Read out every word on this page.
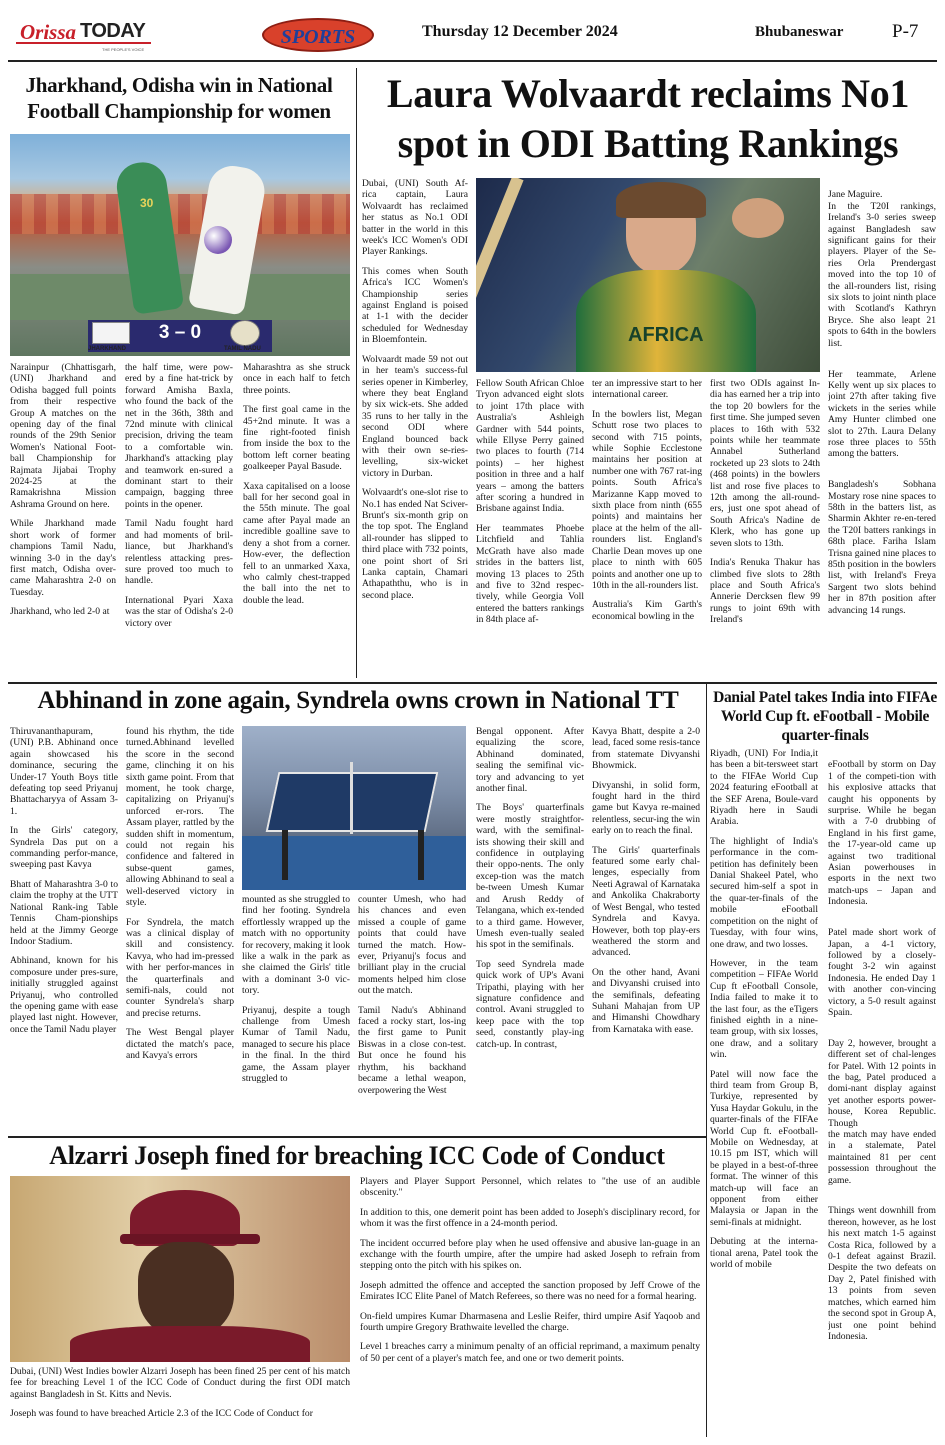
Orissa TODAY
THE PEOPLE'S VOICE
SPORTS	Thursday 12 December 2024	Bhubaneswar	P-7
Jharkhand, Odisha win in National Football Championship for women
30
3 – 0
JHARKHAND	TAMIL NADU

Narainpur (Chhattisgarh, (UNI) Jharkhand and Odisha bagged full points from their respective Group A matches on the opening day of the final rounds of the 29th Senior Women's National Foot-ball Championship for Rajmata Jijabai Trophy 2024-25 at the Ramakrishna Mission Ashrama Ground on here.

While Jharkhand made short work of former champions Tamil Nadu, winning 3-0 in the day's first match, Odisha over-came Maharashtra 2-0 on Tuesday.

Jharkhand, who led 2-0 at

the half time, were pow-ered by a fine hat-trick by forward Amisha Baxla, who found the back of the net in the 36th, 38th and 72nd minute with clinical precision, driving the team to a comfortable win. Jharkhand's attacking play and teamwork en-sured a dominant start to their campaign, bagging three points in the opener.

Tamil Nadu fought hard and had moments of bril-liance, but Jharkhand's relentless attacking pres-sure proved too much to handle.

International Pyari Xaxa was the star of Odisha's 2-0 victory over

Maharashtra as she struck once in each half to fetch three points.

The first goal came in the 45+2nd minute. It was a fine right-footed finish from inside the box to the bottom left corner beating goalkeeper Payal Basude.

Xaxa capitalised on a loose ball for her second goal in the 55th minute. The goal came after Payal made an incredible goalline save to deny a shot from a corner. How-ever, the deflection fell to an unmarked Xaxa, who calmly chest-trapped the ball into the net to double the lead.

Laura Wolvaardt reclaims No1
spot in ODI Batting Rankings

Dubai, (UNI) South Af-rica captain, Laura Wolvaardt has reclaimed her status as No.1 ODI batter in the world in this week's ICC Women's ODI Player Rankings.

This comes when South Africa's ICC Women's Championship series against England is poised at 1-1 with the decider scheduled for Wednesday in Bloemfontein.

Wolvaardt made 59 not out in her team's success-ful series opener in Kimberley, where they beat England by six wick-ets. She added 35 runs to her tally in the second ODI where England bounced back with their own se-ries-levelling, six-wicket victory in Durban.

Wolvaardt's one-slot rise to No.1 has ended Nat Sciver-Brunt's six-month grip on the top spot. The England all-rounder has slipped to third place with 732 points, one point short of Sri Lanka captain, Chamari Athapaththu, who is in second place.

AFRICA

Fellow South African Chloe Tryon advanced eight slots to joint 17th place with Australia's Ashleigh Gardner with 544 points, while Ellyse Perry gained two places to fourth (714 points) – her highest position in three and a half years – among the batters after scoring a hundred in Brisbane against India.

Her teammates Phoebe Litchfield and Tahlia McGrath have also made strides in the batters list, moving 13 places to 25th and five to 32nd respec-tively, while Georgia Voll entered the batters rankings in 84th place af-

ter an impressive start to her international career.

In the bowlers list, Megan Schutt rose two places to second with 715 points, while Sophie Ecclestone maintains her position at number one with 767 rat-ing points. South Africa's Marizanne Kapp moved to sixth place from ninth (655 points) and maintains her place at the helm of the all-rounders list. England's Charlie Dean moves up one place to ninth with 605 points and another one up to 10th in the all-rounders list.

Australia's Kim Garth's economical bowling in the

first two ODIs against In-dia has earned her a trip into the top 20 bowlers for the first time. She jumped seven places to 16th with 532 points while her teammate Annabel Sutherland rocketed up 23 slots to 24th (468 points) in the bowlers list and rose five places to 12th among the all-round-ers, just one spot ahead of South Africa's Nadine de Klerk, who has gone up seven slots to 13th.

India's Renuka Thakur has climbed five slots to 28th place and South Africa's Annerie Dercksen flew 99 rungs to joint 69th with Ireland's

Jane Maguire.
In the T20I rankings, Ireland's 3-0 series sweep against Bangladesh saw significant gains for their players. Player of the Se-ries Orla Prendergast moved into the top 10 of the all-rounders list, rising six slots to joint ninth place with Scotland's Kathryn Bryce. She also leapt 21 spots to 64th in the bowlers list.

Her teammate, Arlene Kelly went up six places to joint 27th after taking five wickets in the series while Amy Hunter climbed one slot to 27th. Laura Delany rose three places to 55th among the batters.

Bangladesh's Sobhana Mostary rose nine spaces to 58th in the batters list, as Sharmin Akhter re-en-tered the T20I batters rankings in 68th place. Fariha Islam Trisna gained nine places to 85th position in the bowlers list, with Ireland's Freya Sargent two slots behind her in 87th position after advancing 14 rungs.

Abhinand in zone again, Syndrela owns crown in National TT

Thiruvananthapuram, (UNI) P.B. Abhinand once again showcased his dominance, securing the Under-17 Youth Boys title defeating top seed Priyanuj Bhattacharyya of Assam 3-1.

In the Girls' category, Syndrela Das put on a commanding perfor-mance, sweeping past Kavya

Bhatt of Maharashtra 3-0 to claim the trophy at the UTT National Rank-ing Table Tennis Cham-pionships held at the Jimmy George Indoor Stadium.

Abhinand, known for his composure under pres-sure, initially struggled against Priyanuj, who controlled the opening game with ease played last night. However, once the Tamil Nadu player

found his rhythm, the tide turned.Abhinand levelled the score in the second game, clinching it on his sixth game point. From that moment, he took charge, capitalizing on Priyanuj's unforced er-rors. The Assam player, rattled by the sudden shift in momentum, could not regain his confidence and faltered in subse-quent games, allowing Abhinand to seal a well-deserved victory in style.

For Syndrela, the match was a clinical display of skill and consistency. Kavya, who had im-pressed with her perfor-mances in the quarterfinals and semifi-nals, could not counter Syndrela's sharp and precise returns.

The West Bengal player dictated the match's pace, and Kavya's errors

mounted as she struggled to find her footing. Syndrela effortlessly wrapped up the match with no opportunity for recovery, making it look like a walk in the park as she claimed the Girls' title with a dominant 3-0 vic-tory.

Priyanuj, despite a tough challenge from Umesh Kumar of Tamil Nadu, managed to secure his place in the final. In the third game, the Assam player struggled to

counter Umesh, who had his chances and even missed a couple of game points that could have turned the match. How-ever, Priyanuj's focus and brilliant play in the crucial moments helped him close out the match.

Tamil Nadu's Abhinand faced a rocky start, los-ing the first game to Punit Biswas in a close con-test. But once he found his rhythm, his backhand became a lethal weapon, overpowering the West

Bengal opponent. After equalizing the score, Abhinand dominated, sealing the semifinal vic-tory and advancing to yet another final.

The Boys' quarterfinals were mostly straightfor-ward, with the semifinal-ists showing their skill and confidence in outplaying their oppo-nents. The only excep-tion was the match be-tween Umesh Kumar and Arush Reddy of Telangana, which ex-tended to a third game. However, Umesh even-tually sealed his spot in the semifinals.

Top seed Syndrela made quick work of UP's Avani Tripathi, playing with her signature confidence and control. Avani struggled to keep pace with the top seed, constantly play-ing catch-up. In contrast,

Kavya Bhatt, despite a 2-0 lead, faced some resis-tance from statemate Divyanshi Bhowmick.

Divyanshi, in solid form, fought hard in the third game but Kavya re-mained relentless, secur-ing the win early on to reach the final.

The Girls' quarterfinals featured some early chal-lenges, especially from Neeti Agrawal of Karnataka and Ankolika Chakraborty of West Bengal, who tested Syndrela and Kavya. However, both top play-ers weathered the storm and advanced.

On the other hand, Avani and Divyanshi cruised into the semifinals, defeating Suhani Mahajan from UP and Himanshi Chowdhary from Karnataka with ease.

Danial Patel takes India into FIFAe World Cup ft. eFootball - Mobile quarter-finals

Riyadh, (UNI) For India,it has been a bit-tersweet start to the FIFAe World Cup 2024 featuring eFootball at the SEF Arena, Boule-vard Riyadh here in Saudi Arabia.

The highlight of India's performance in the com-petition has definitely been Danial Shakeel Patel, who secured him-self a spot in the quar-ter-finals of the mobile eFootball competition on the night of Tuesday, with four wins, one draw, and two losses.

However, in the team competition – FIFAe World Cup ft eFootball Console, India failed to make it to the last four, as the eTigers finished eighth in a nine-team group, with six losses, one draw, and a solitary win.

Patel will now face the third team from Group B, Turkiye, represented by Yusa Haydar Gokulu, in the quarter-finals of the FIFAe World Cup ft. eFootball-Mobile on Wednesday, at 10.15 pm IST, which will be played in a best-of-three format. The winner of this match-up will face an opponent from either Malaysia or Japan in the semi-finals at midnight.

Debuting at the interna-tional arena, Patel took the world of mobile

eFootball by storm on Day 1 of the competi-tion with his explosive attacks that caught his opponents by surprise. While he began with a 7-0 drubbing of England in his first game, the 17-year-old came up against two traditional Asian powerhouses in esports in the next two match-ups – Japan and Indonesia.

Patel made short work of Japan, a 4-1 victory, followed by a closely-fought 3-2 win against Indonesia. He ended Day 1 with another con-vincing victory, a 5-0 result against Spain.

Day 2, however, brought a different set of chal-lenges for Patel. With 12 points in the bag, Patel produced a domi-nant display against yet another esports power-house, Korea Republic. Though
the match may have ended in a stalemate, Patel maintained 81 per cent possession throughout the game.

Things went downhill from thereon, however, as he lost his next match 1-5 against Costa Rica, followed by a 0-1 defeat against Brazil. Despite the two defeats on Day 2, Patel finished with 13 points from seven matches, which earned him the second spot in Group A, just one point behind Indonesia.

Alzarri Joseph fined for breaching ICC Code of Conduct

Dubai, (UNI) West Indies bowler Alzarri Joseph has been fined 25 per cent of his match fee for breaching Level 1 of the ICC Code of Conduct during the first ODI match against Bangladesh in St. Kitts and Nevis.

Joseph was found to have breached Article 2.3 of the ICC Code of Conduct for

Players and Player Support Personnel, which relates to "the use of an audible obscenity."

In addition to this, one demerit point has been added to Joseph's disciplinary record, for whom it was the first offence in a 24-month period.

The incident occurred before play when he used offensive and abusive lan-guage in an exchange with the fourth umpire, after the umpire had asked Joseph to refrain from stepping onto the pitch with his spikes on.

Joseph admitted the offence and accepted the sanction proposed by Jeff Crowe of the Emirates ICC Elite Panel of Match Referees, so there was no need for a formal hearing.

On-field umpires Kumar Dharmasena and Leslie Reifer, third umpire Asif Yaqoob and fourth umpire Gregory Brathwaite levelled the charge.

Level 1 breaches carry a minimum penalty of an official reprimand, a maximum penalty of 50 per cent of a player's match fee, and one or two demerit points.
